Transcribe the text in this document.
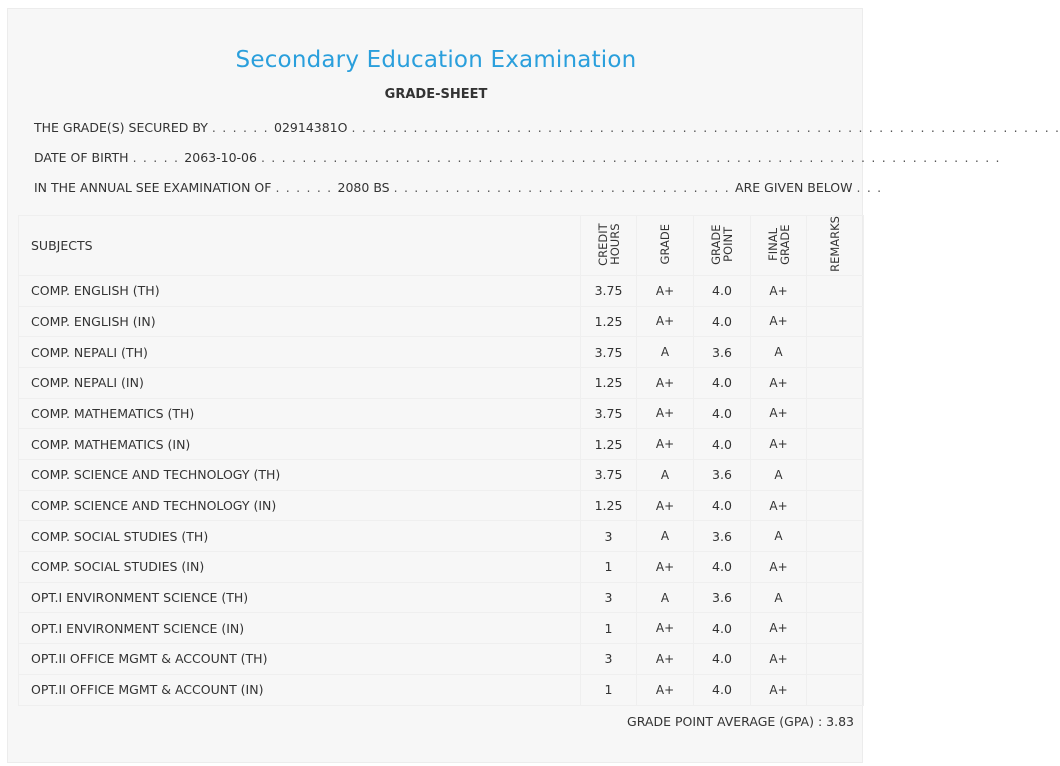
Secondary Education Examination
GRADE-SHEET
THE GRADE(S) SECURED BY . . . . . . 02914381O . . . . . . . . . . . . . . . . . . . . . . . . . . . . . . . . . . . . . . . . . . . . . . . . . . . . . . . . . . . . . . . . . . . . .
DATE OF BIRTH . . . . . 2063-10-06 . . . . . . . . . . . . . . . . . . . . . . . . . . . . . . . . . . . . . . . . . . . . . . . . . . . . . . . . . . . . . . . . . . . . . . . .
IN THE ANNUAL SEE EXAMINATION OF . . . . . . 2080 BS . . . . . . . . . . . . . . . . . . . . . . . . . . . . . . . . . ARE GIVEN BELOW . . .
SUBJECTS	CREDIT HOURS	GRADE	GRADE POINT	FINAL GRADE	REMARKS
COMP. ENGLISH (TH)	3.75	A+	4.0	A+	
COMP. ENGLISH (IN)	1.25	A+	4.0	A+	
COMP. NEPALI (TH)	3.75	A	3.6	A	
COMP. NEPALI (IN)	1.25	A+	4.0	A+	
COMP. MATHEMATICS (TH)	3.75	A+	4.0	A+	
COMP. MATHEMATICS (IN)	1.25	A+	4.0	A+	
COMP. SCIENCE AND TECHNOLOGY (TH)	3.75	A	3.6	A	
COMP. SCIENCE AND TECHNOLOGY (IN)	1.25	A+	4.0	A+	
COMP. SOCIAL STUDIES (TH)	3	A	3.6	A	
COMP. SOCIAL STUDIES (IN)	1	A+	4.0	A+	
OPT.I ENVIRONMENT SCIENCE (TH)	3	A	3.6	A	
OPT.I ENVIRONMENT SCIENCE (IN)	1	A+	4.0	A+	
OPT.II OFFICE MGMT & ACCOUNT (TH)	3	A+	4.0	A+	
OPT.II OFFICE MGMT & ACCOUNT (IN)	1	A+	4.0	A+	
GRADE POINT AVERAGE (GPA) : 3.83
